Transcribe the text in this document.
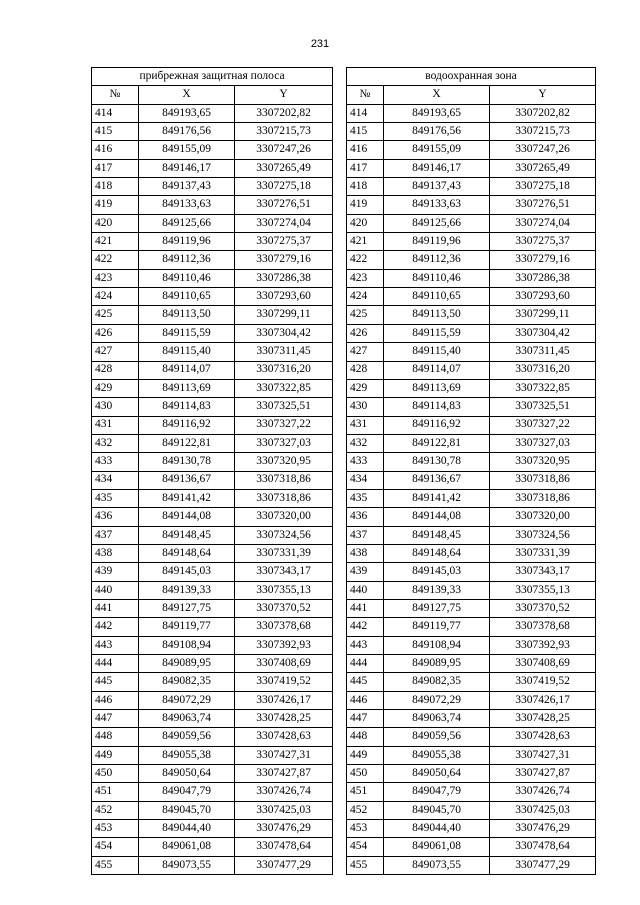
231
прибрежная защитная полоса				водоохранная зона		
№	X	Y		№	X	Y
414	849193,65	3307202,82		414	849193,65	3307202,82
415	849176,56	3307215,73		415	849176,56	3307215,73
416	849155,09	3307247,26		416	849155,09	3307247,26
417	849146,17	3307265,49		417	849146,17	3307265,49
418	849137,43	3307275,18		418	849137,43	3307275,18
419	849133,63	3307276,51		419	849133,63	3307276,51
420	849125,66	3307274,04		420	849125,66	3307274,04
421	849119,96	3307275,37		421	849119,96	3307275,37
422	849112,36	3307279,16		422	849112,36	3307279,16
423	849110,46	3307286,38		423	849110,46	3307286,38
424	849110,65	3307293,60		424	849110,65	3307293,60
425	849113,50	3307299,11		425	849113,50	3307299,11
426	849115,59	3307304,42		426	849115,59	3307304,42
427	849115,40	3307311,45		427	849115,40	3307311,45
428	849114,07	3307316,20		428	849114,07	3307316,20
429	849113,69	3307322,85		429	849113,69	3307322,85
430	849114,83	3307325,51		430	849114,83	3307325,51
431	849116,92	3307327,22		431	849116,92	3307327,22
432	849122,81	3307327,03		432	849122,81	3307327,03
433	849130,78	3307320,95		433	849130,78	3307320,95
434	849136,67	3307318,86		434	849136,67	3307318,86
435	849141,42	3307318,86		435	849141,42	3307318,86
436	849144,08	3307320,00		436	849144,08	3307320,00
437	849148,45	3307324,56		437	849148,45	3307324,56
438	849148,64	3307331,39		438	849148,64	3307331,39
439	849145,03	3307343,17		439	849145,03	3307343,17
440	849139,33	3307355,13		440	849139,33	3307355,13
441	849127,75	3307370,52		441	849127,75	3307370,52
442	849119,77	3307378,68		442	849119,77	3307378,68
443	849108,94	3307392,93		443	849108,94	3307392,93
444	849089,95	3307408,69		444	849089,95	3307408,69
445	849082,35	3307419,52		445	849082,35	3307419,52
446	849072,29	3307426,17		446	849072,29	3307426,17
447	849063,74	3307428,25		447	849063,74	3307428,25
448	849059,56	3307428,63		448	849059,56	3307428,63
449	849055,38	3307427,31		449	849055,38	3307427,31
450	849050,64	3307427,87		450	849050,64	3307427,87
451	849047,79	3307426,74		451	849047,79	3307426,74
452	849045,70	3307425,03		452	849045,70	3307425,03
453	849044,40	3307476,29		453	849044,40	3307476,29
454	849061,08	3307478,64		454	849061,08	3307478,64
455	849073,55	3307477,29		455	849073,55	3307477,29
